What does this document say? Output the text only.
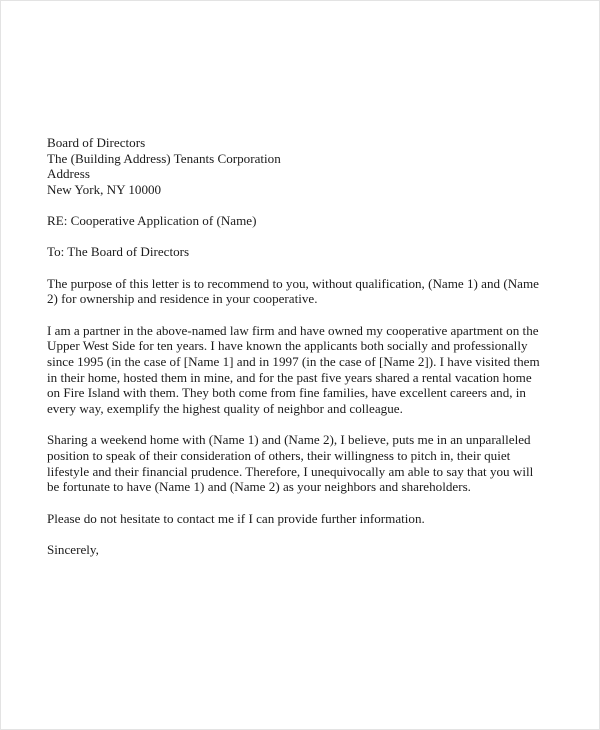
Board of Directors
The (Building Address) Tenants Corporation
Address
New York, NY 10000
RE: Cooperative Application of (Name)
To: The Board of Directors

The purpose of this letter is to recommend to you, without qualification, (Name 1) and (Name 2) for ownership and residence in your cooperative.

I am a partner in the above-named law firm and have owned my cooperative apartment on the Upper West Side for ten years. I have known the applicants both socially and professionally since 1995 (in the case of [Name 1] and in 1997 (in the case of [Name 2]). I have visited them in their home, hosted them in mine, and for the past five years shared a rental vacation home on Fire Island with them. They both come from fine families, have excellent careers and, in every way, exemplify the highest quality of neighbor and colleague.

Sharing a weekend home with (Name 1) and (Name 2), I believe, puts me in an unparalleled position to speak of their consideration of others, their willingness to pitch in, their quiet lifestyle and their financial prudence. Therefore, I unequivocally am able to say that you will be fortunate to have (Name 1) and (Name 2) as your neighbors and shareholders.

Please do not hesitate to contact me if I can provide further information.
Sincerely,
